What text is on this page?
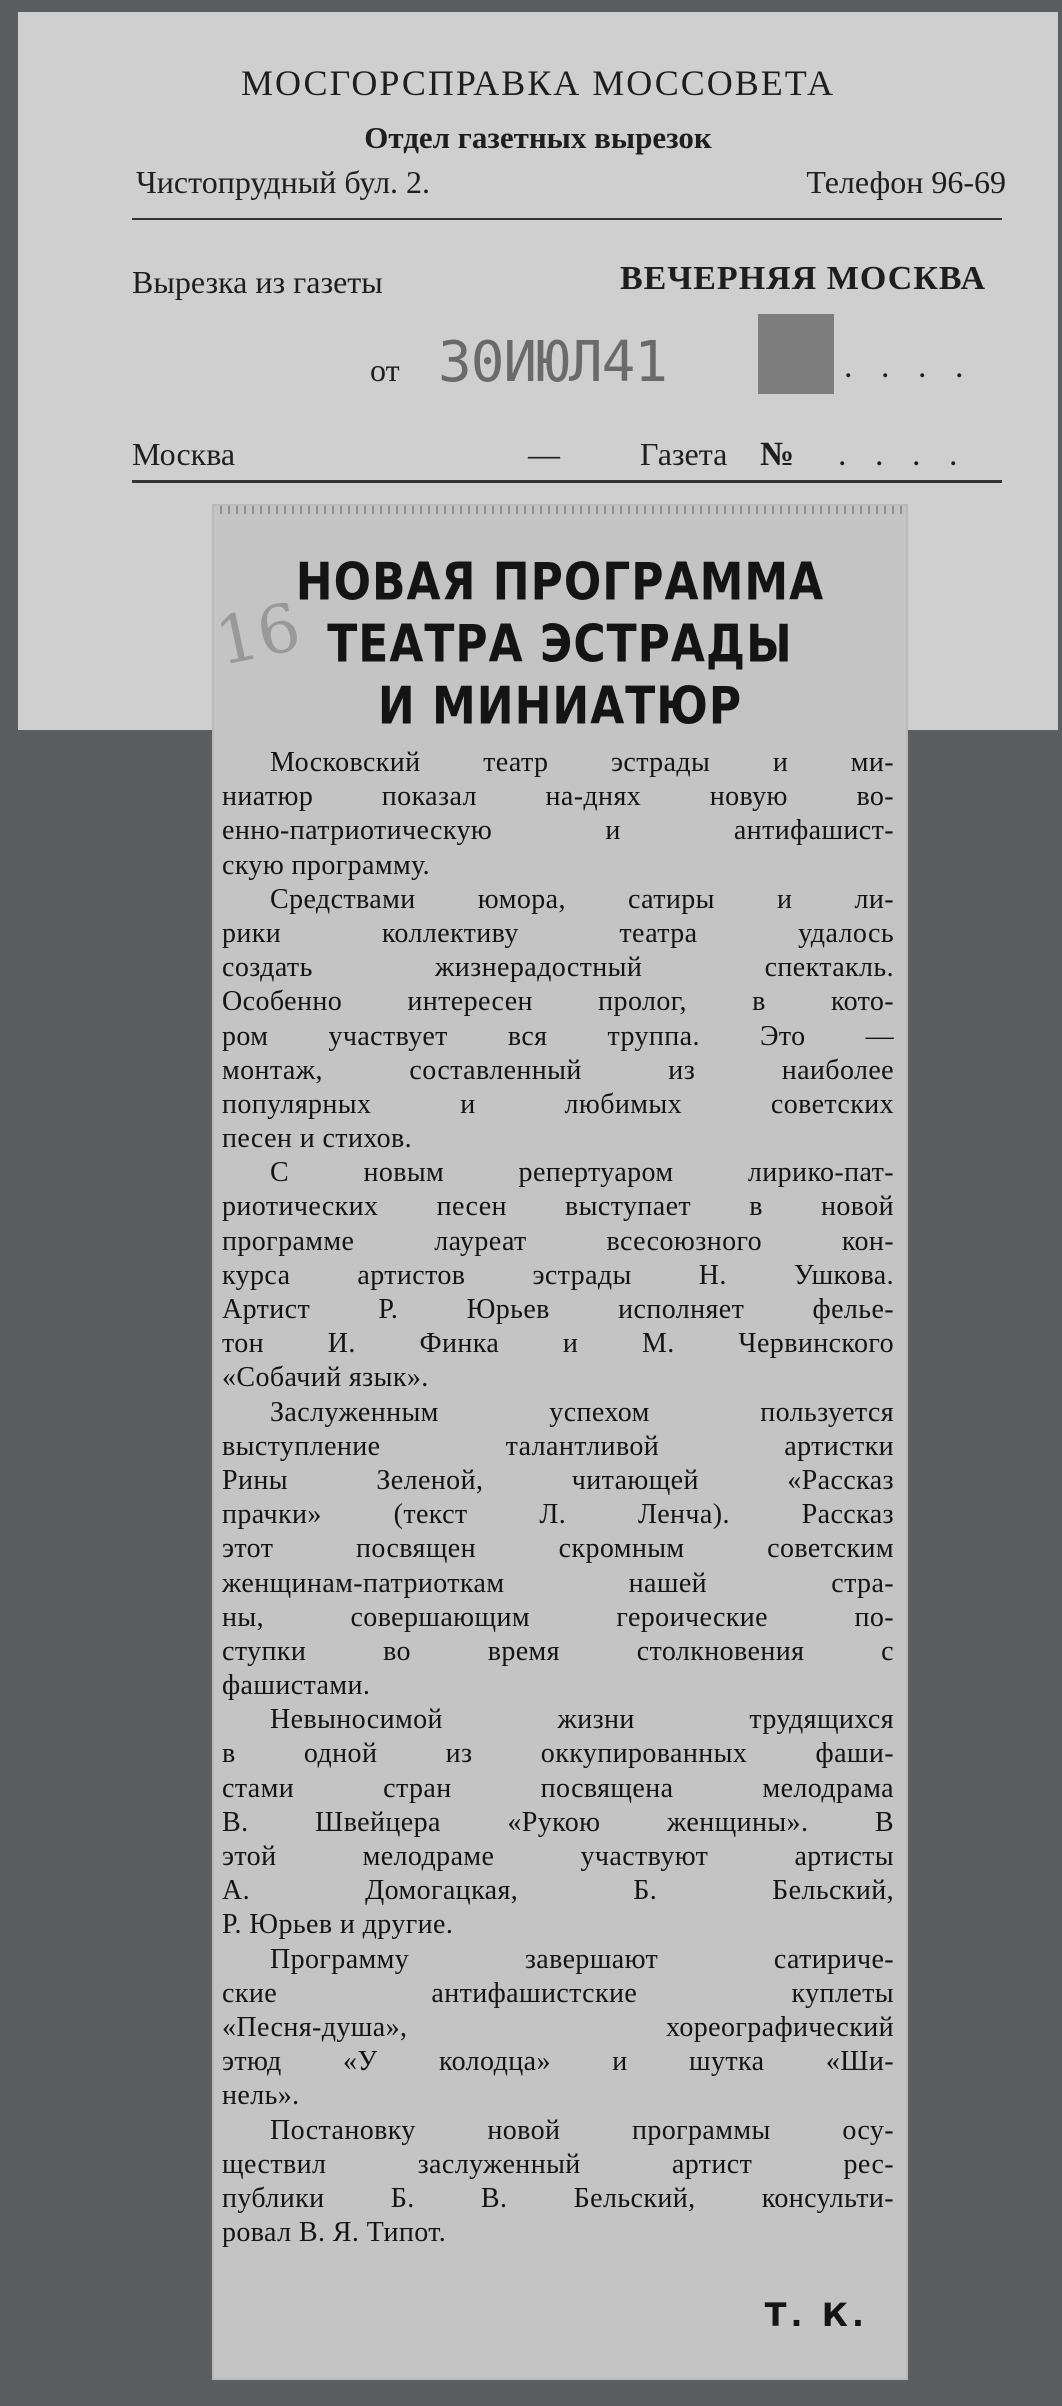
МОСГОРСПРАВКА МОССОВЕТА
Отдел газетных вырезок
Чистопрудный бул. 2.	Телефон 96-69
Вырезка из газеты	ВЕЧЕРНЯЯ МОСКВА
от 30ИЮЛ41	. . . .
Москва	—	Газета № . . . .
16
НОВАЯ ПРОГРАММА
ТЕАТРА ЭСТРАДЫ
И МИНИАТЮР
Московский театр эстрады и ми-
ниатюр показал на-днях новую во-
енно-патриотическую и антифашист-
скую программу.
Средствами юмора, сатиры и ли-
рики коллективу театра удалось
создать жизнерадостный спектакль.
Особенно интересен пролог, в кото-
ром участвует вся труппа. Это —
монтаж, составленный из наиболее
популярных и любимых советских
песен и стихов.
С новым репертуаром лирико-пат-
риотических песен выступает в новой
программе лауреат всесоюзного кон-
курса артистов эстрады Н. Ушкова.
Артист Р. Юрьев исполняет фелье-
тон И. Финка и М. Червинского
«Собачий язык».
Заслуженным успехом пользуется
выступление талантливой артистки
Рины Зеленой, читающей «Рассказ
прачки» (текст Л. Ленча). Рассказ
этот посвящен скромным советским
женщинам-патриоткам нашей стра-
ны, совершающим героические по-
ступки во время столкновения с
фашистами.
Невыносимой жизни трудящихся
в одной из оккупированных фаши-
стами стран посвящена мелодрама
В. Швейцера «Рукою женщины». В
этой мелодраме участвуют артисты
А. Домогацкая, Б. Бельский,
Р. Юрьев и другие.
Программу завершают сатириче-
ские антифашистские куплеты
«Песня-душа», хореографический
этюд «У колодца» и шутка «Ши-
нель».
Постановку новой программы осу-
ществил заслуженный артист рес-
публики Б. В. Бельский, консульти-
ровал В. Я. Типот.
Т. К.
